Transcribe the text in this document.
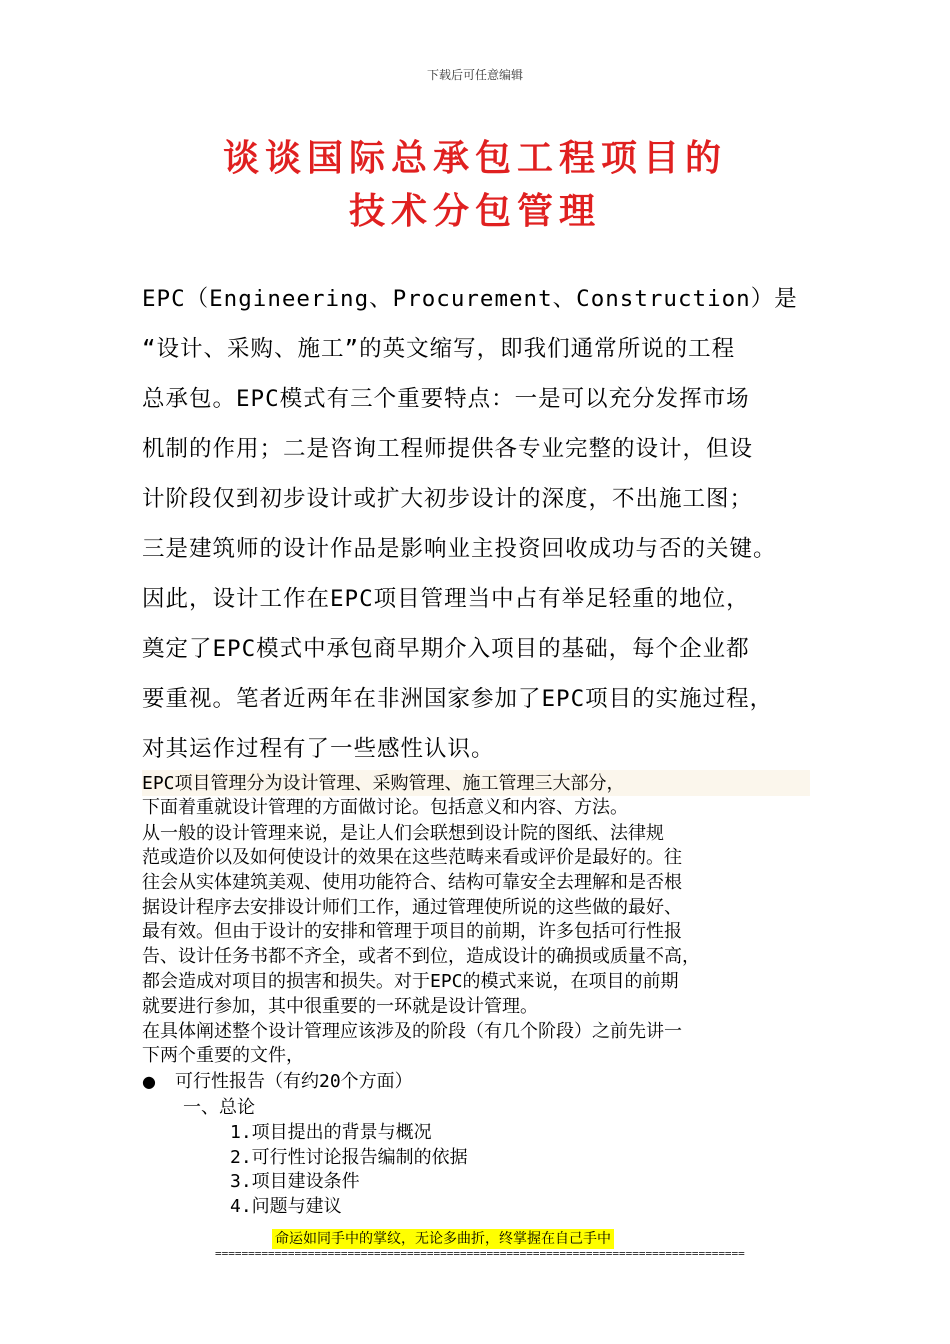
下载后可任意编辑
谈谈国际总承包工程项目的
技术分包管理
EPC（Engineering、Procurement、Construction）是
“设计、采购、施工”的英文缩写，即我们通常所说的工程
总承包。EPC模式有三个重要特点：一是可以充分发挥市场
机制的作用；二是咨询工程师提供各专业完整的设计，但设
计阶段仅到初步设计或扩大初步设计的深度，不出施工图；
三是建筑师的设计作品是影响业主投资回收成功与否的关键。
因此，设计工作在EPC项目管理当中占有举足轻重的地位，
奠定了EPC模式中承包商早期介入项目的基础，每个企业都
要重视。笔者近两年在非洲国家参加了EPC项目的实施过程，
对其运作过程有了一些感性认识。
EPC项目管理分为设计管理、采购管理、施工管理三大部分，
下面着重就设计管理的方面做讨论。包括意义和内容、方法。
从一般的设计管理来说，是让人们会联想到设计院的图纸、法律规
范或造价以及如何使设计的效果在这些范畴来看或评价是最好的。往
往会从实体建筑美观、使用功能符合、结构可靠安全去理解和是否根
据设计程序去安排设计师们工作，通过管理使所说的这些做的最好、
最有效。但由于设计的安排和管理于项目的前期，许多包括可行性报
告、设计任务书都不齐全，或者不到位，造成设计的确损或质量不高，
都会造成对项目的损害和损失。对于EPC的模式来说，在项目的前期
就要进行参加，其中很重要的一环就是设计管理。
在具体阐述整个设计管理应该涉及的阶段（有几个阶段）之前先讲一
下两个重要的文件，
● 可行性报告（有约20个方面）
一、总论
1.项目提出的背景与概况
2.可行性讨论报告编制的依据
3.项目建设条件
4.问题与建议
命运如同手中的掌纹，无论多曲折，终掌握在自己手中
================================================================================
